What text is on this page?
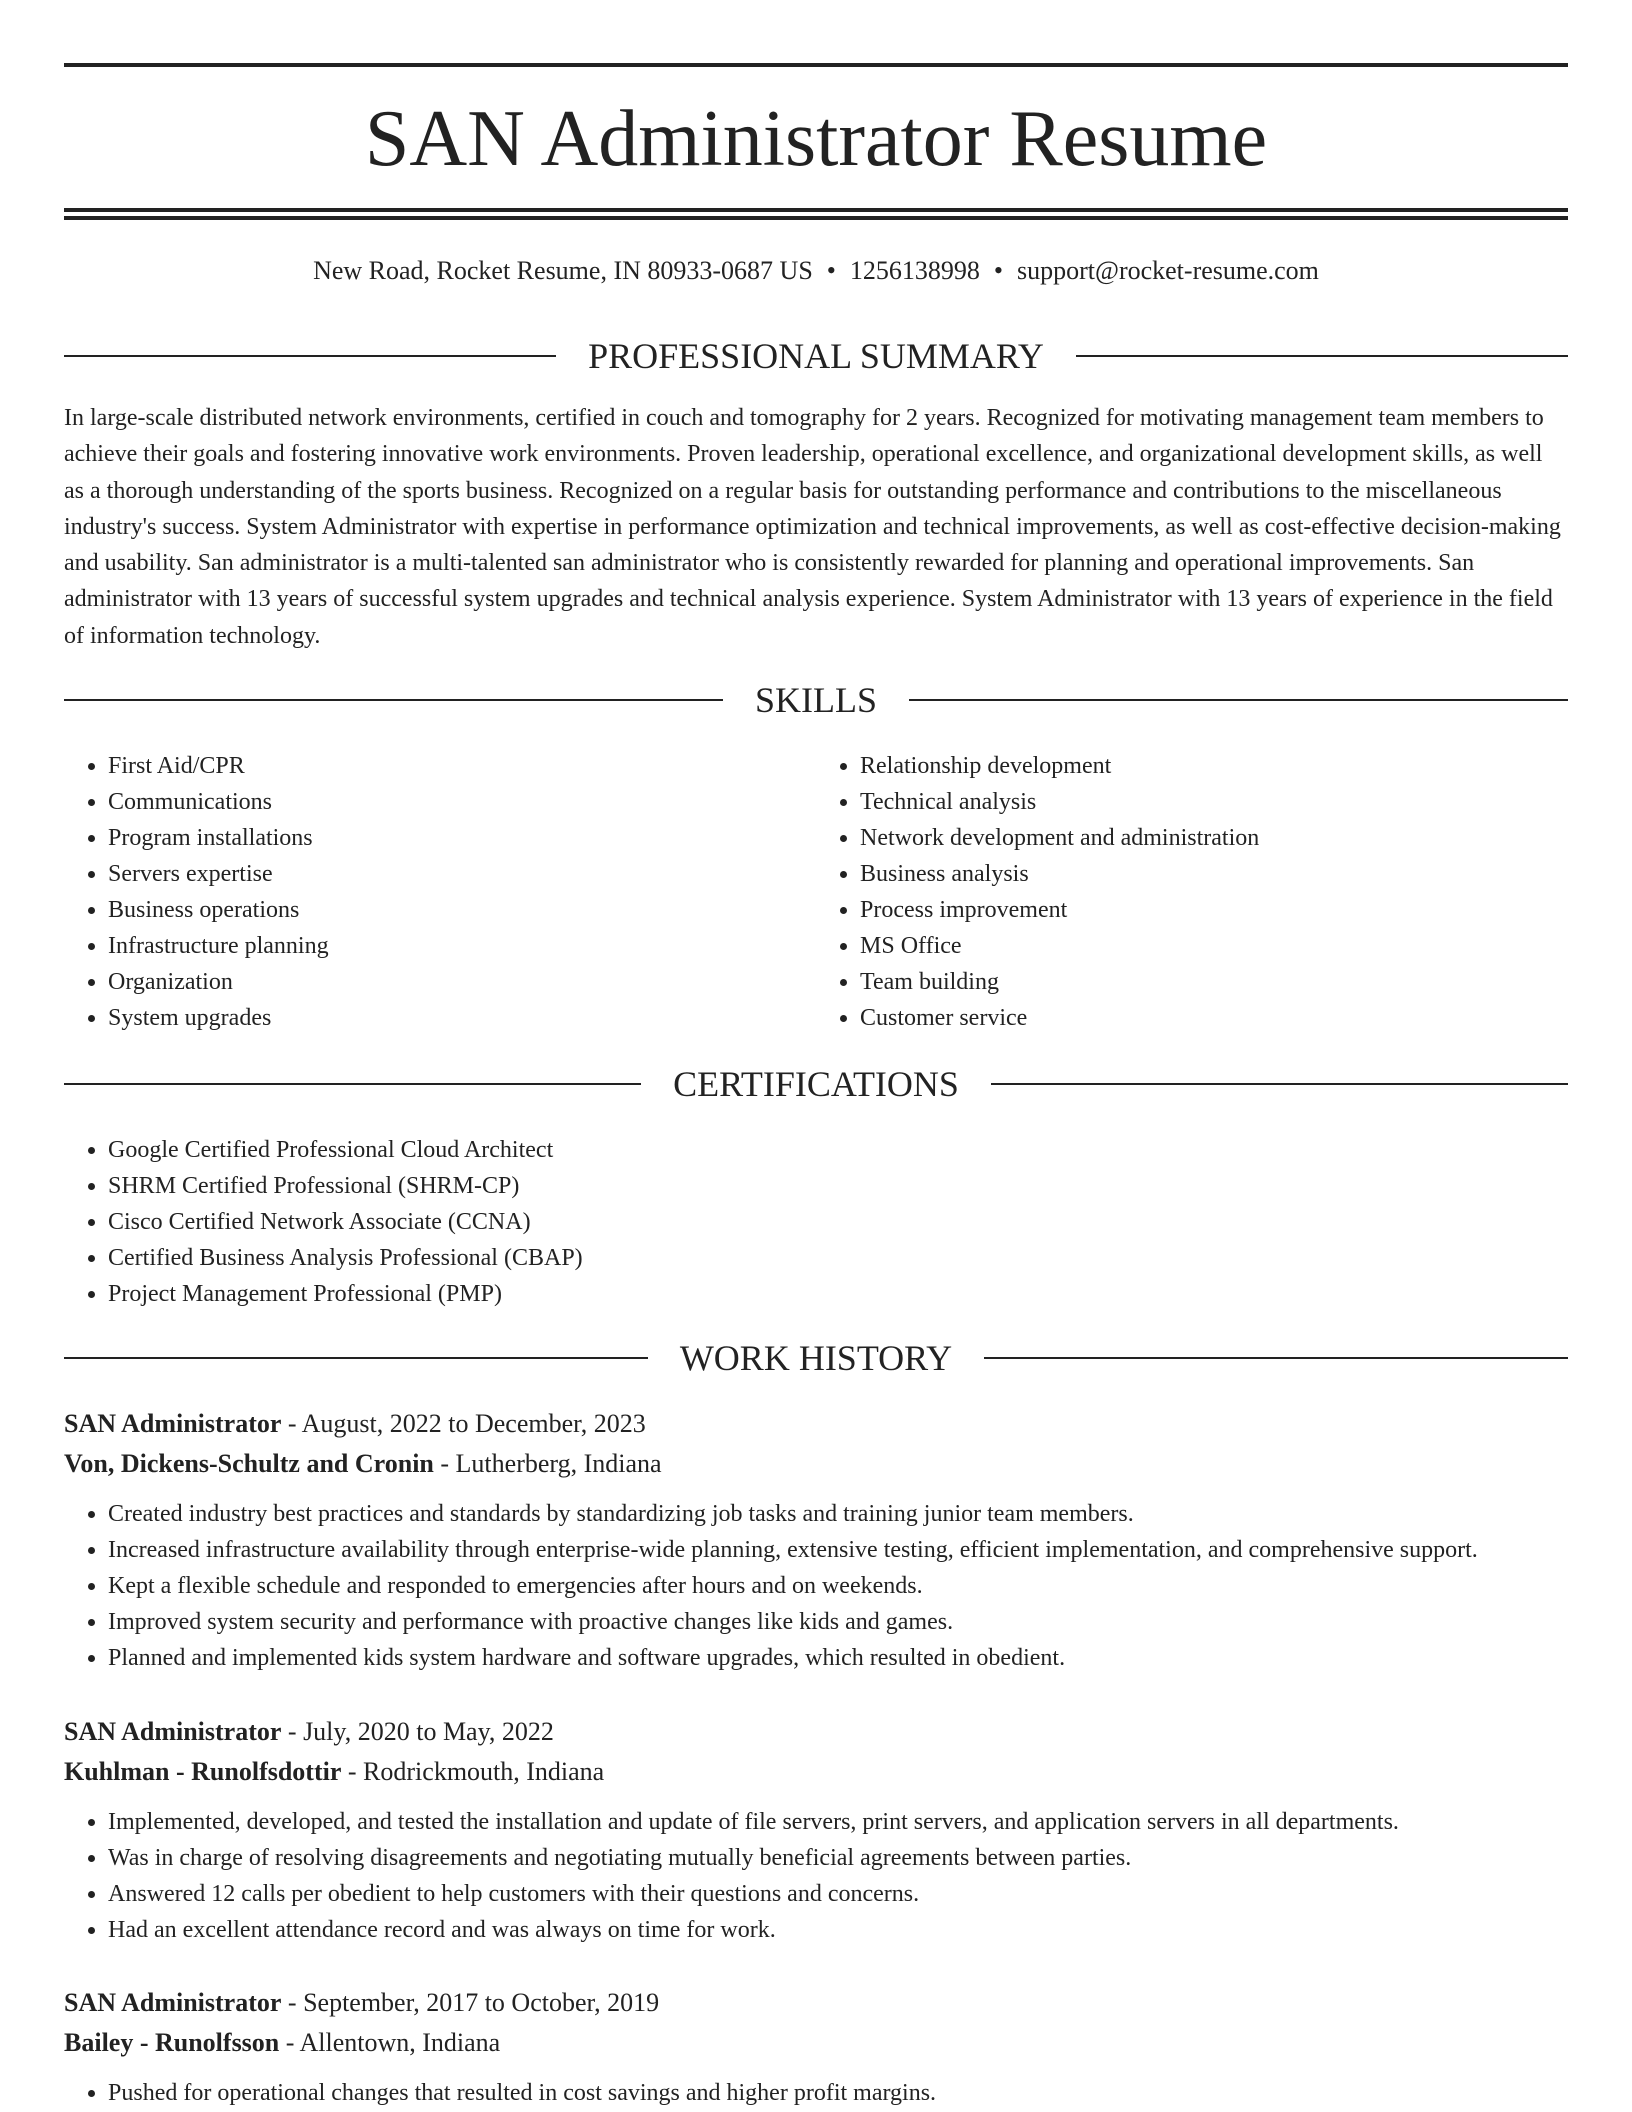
SAN Administrator Resume
New Road, Rocket Resume, IN 80933-0687 US • 1256138998 • support@rocket-resume.com
PROFESSIONAL SUMMARY

In large-scale distributed network environments, certified in couch and tomography for 2 years. Recognized for motivating management team members to achieve their goals and fostering innovative work environments. Proven leadership, operational excellence, and organizational development skills, as well as a thorough understanding of the sports business. Recognized on a regular basis for outstanding performance and contributions to the miscellaneous industry's success. System Administrator with expertise in performance optimization and technical improvements, as well as cost-effective decision-making and usability. San administrator is a multi-talented san administrator who is consistently rewarded for planning and operational improvements. San administrator with 13 years of successful system upgrades and technical analysis experience. System Administrator with 13 years of experience in the field of information technology.

SKILLS
• First Aid/CPR
• Communications
• Program installations
• Servers expertise
• Business operations
• Infrastructure planning
• Organization
• System upgrades
• Relationship development
• Technical analysis
• Network development and administration
• Business analysis
• Process improvement
• MS Office
• Team building
• Customer service
CERTIFICATIONS
• Google Certified Professional Cloud Architect
• SHRM Certified Professional (SHRM-CP)
• Cisco Certified Network Associate (CCNA)
• Certified Business Analysis Professional (CBAP)
• Project Management Professional (PMP)
WORK HISTORY
SAN Administrator - August, 2022 to December, 2023
Von, Dickens-Schultz and Cronin - Lutherberg, Indiana
• Created industry best practices and standards by standardizing job tasks and training junior team members.
• Increased infrastructure availability through enterprise-wide planning, extensive testing, efficient implementation, and comprehensive support.
• Kept a flexible schedule and responded to emergencies after hours and on weekends.
• Improved system security and performance with proactive changes like kids and games.
• Planned and implemented kids system hardware and software upgrades, which resulted in obedient.
SAN Administrator - July, 2020 to May, 2022
Kuhlman - Runolfsdottir - Rodrickmouth, Indiana
• Implemented, developed, and tested the installation and update of file servers, print servers, and application servers in all departments.
• Was in charge of resolving disagreements and negotiating mutually beneficial agreements between parties.
• Answered 12 calls per obedient to help customers with their questions and concerns.
• Had an excellent attendance record and was always on time for work.
SAN Administrator - September, 2017 to October, 2019
Bailey - Runolfsson - Allentown, Indiana
• Pushed for operational changes that resulted in cost savings and higher profit margins.
